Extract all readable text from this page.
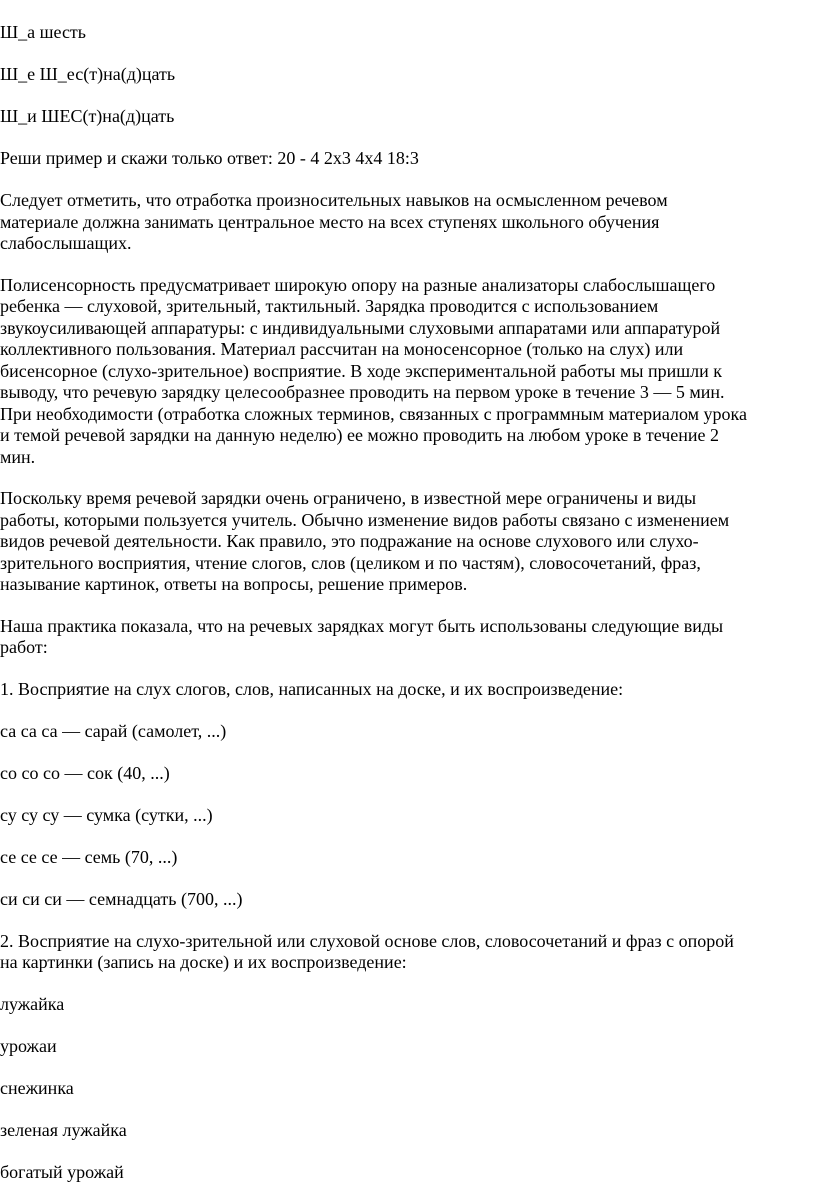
Ш_а шесть
Ш_е Ш_ес(т)на(д)цать
Ш_и ШЕС(т)на(д)цать
Реши пример и скажи только ответ: 20 - 4 2х3 4х4 18:3
Следует отметить, что отработка произносительных навыков на осмысленном речевом
материале должна занимать центральное место на всех ступенях школьного обучения
слабослышащих.
Полисенсорность предусматривает широкую опору на разные анализаторы слабослышащего
ребенка — слуховой, зрительный, тактильный. Зарядка проводится с использованием
звукоусиливающей аппаратуры: с индивидуальными слуховыми аппаратами или аппаратурой
коллективного пользования. Материал рассчитан на моносенсорное (только на слух) или
бисенсорное (слухо-зрительное) восприятие. В ходе экспериментальной работы мы пришли к
выводу, что речевую зарядку целесообразнее проводить на первом уроке в течение 3 — 5 мин.
При необходимости (отработка сложных терминов, связанных с программным материалом урока
и темой речевой зарядки на данную неделю) ее можно проводить на любом уроке в течение 2
мин.
Поскольку время речевой зарядки очень ограничено, в известной мере ограничены и виды
работы, которыми пользуется учитель. Обычно изменение видов работы связано с изменением
видов речевой деятельности. Как правило, это подражание на основе слухового или слухо-
зрительного восприятия, чтение слогов, слов (целиком и по частям), словосочетаний, фраз,
называние картинок, ответы на вопросы, решение примеров.
Наша практика показала, что на речевых зарядках могут быть использованы следующие виды
работ:
1. Восприятие на слух слогов, слов, написанных на доске, и их воспроизведение:
са са са — сарай (самолет, ...)
со со со — сок (40, ...)
су су су — сумка (сутки, ...)
се се се — семь (70, ...)
си си си — семнадцать (700, ...)
2. Восприятие на слухо-зрительной или слуховой основе слов, словосочетаний и фраз с опорой
на картинки (запись на доске) и их воспроизведение:
лужайка
урожаи
снежинка
зеленая лужайка
богатый урожай
